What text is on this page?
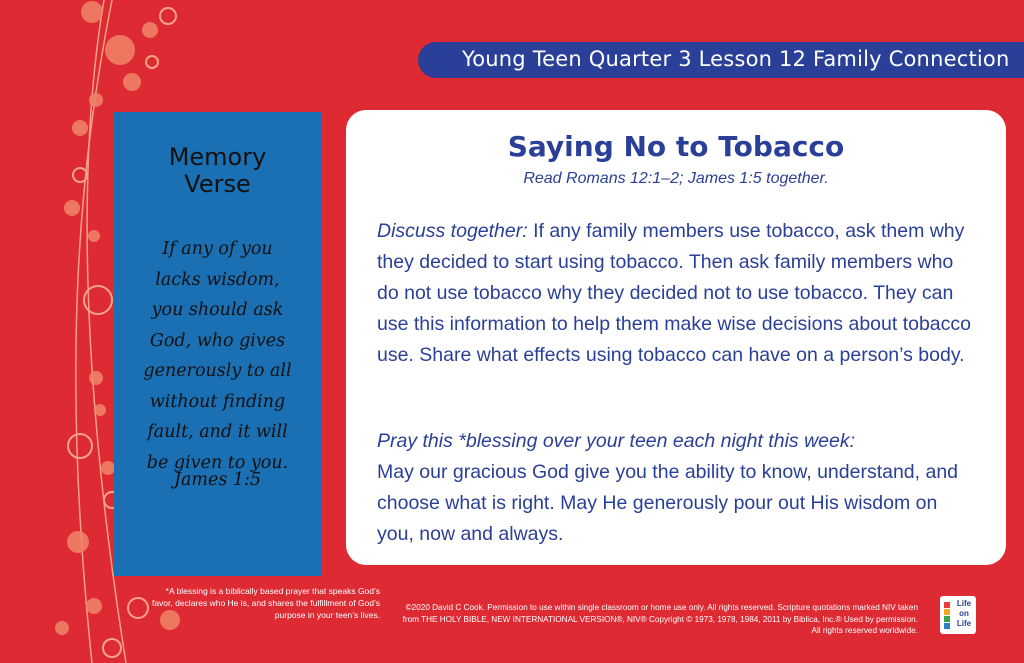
Young Teen Quarter 3 Lesson 12 Family Connection
Memory
Verse
If any of you
lacks wisdom,
you should ask
God, who gives
generously to all
without finding
fault, and it will
be given to you.
James 1:5
Saying No to Tobacco
Read Romans 12:1–2; James 1:5 together.
Discuss together: If any family members use tobacco, ask them why they decided to start using tobacco. Then ask family members who do not use tobacco why they decided not to use tobacco. They can use this information to help them make wise decisions about tobacco use. Share what effects using tobacco can have on a person’s body.
Pray this *blessing over your teen each night this week:
May our gracious God give you the ability to know, understand, and choose what is right. May He generously pour out His wisdom on you, now and always.
*A blessing is a biblically based prayer that speaks God’s favor, declares who He is, and shares the fulfillment of God’s purpose in your teen’s lives.
©2020 David C Cook. Permission to use within single classroom or home use only. All rights reserved. Scripture quotations marked NIV taken from THE HOLY BIBLE, NEW INTERNATIONAL VERSION®, NIV® Copyright © 1973, 1978, 1984, 2011 by Biblica, Inc.® Used by permission. All rights reserved worldwide.
Life
on
Life
